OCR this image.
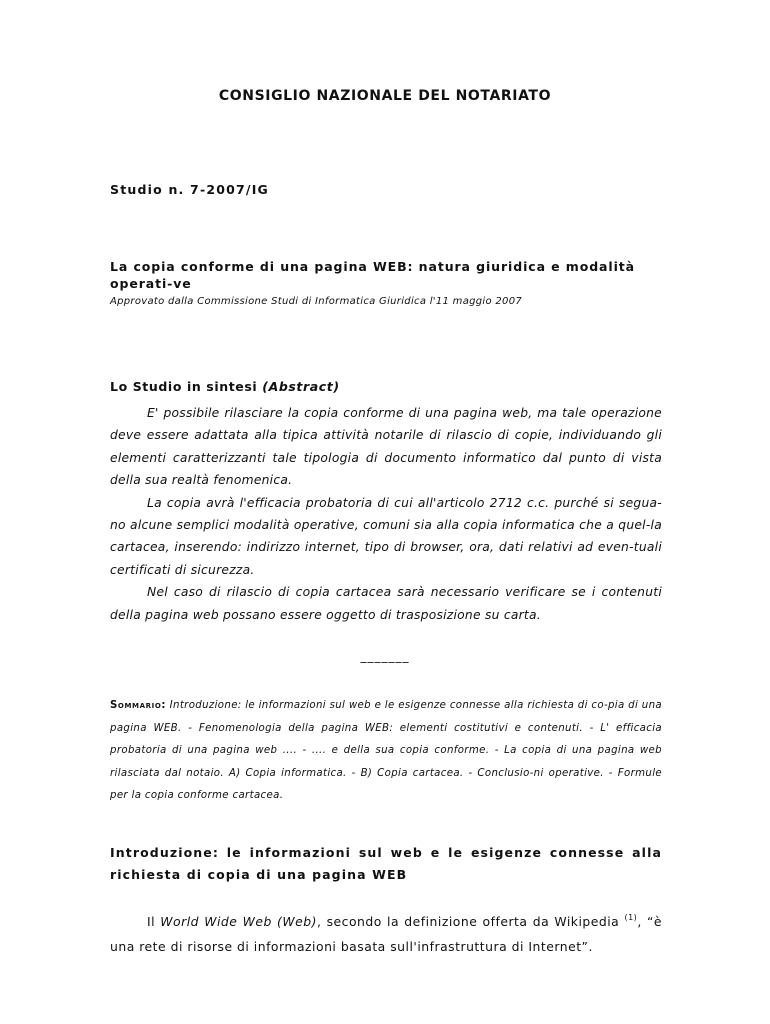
CONSIGLIO NAZIONALE DEL NOTARIATO
Studio n. 7-2007/IG
La copia conforme di una pagina WEB: natura giuridica e modalità operati-ve
Approvato dalla Commissione Studi di Informatica Giuridica l'11 maggio 2007
Lo Studio in sintesi (Abstract)

E' possibile rilasciare la copia conforme di una pagina web, ma tale operazione deve essere adattata alla tipica attività notarile di rilascio di copie, individuando gli elementi caratterizzanti tale tipologia di documento informatico dal punto di vista della sua realtà fenomenica.

La copia avrà l'efficacia probatoria di cui all'articolo 2712 c.c. purché si segua-no alcune semplici modalità operative, comuni sia alla copia informatica che a quel-la cartacea, inserendo: indirizzo internet, tipo di browser, ora, dati relativi ad even-tuali certificati di sicurezza.

Nel caso di rilascio di copia cartacea sarà necessario verificare se i contenuti della pagina web possano essere oggetto di trasposizione su carta.

_______
Sommario: Introduzione: le informazioni sul web e le esigenze connesse alla richiesta di co-pia di una pagina WEB. - Fenomenologia della pagina WEB: elementi costitutivi e contenuti. - L' efficacia probatoria di una pagina web .... - .... e della sua copia conforme. - La copia di una pagina web rilasciata dal notaio. A) Copia informatica. - B) Copia cartacea. - Conclusio-ni operative. - Formule per la copia conforme cartacea.
Introduzione: le informazioni sul web e le esigenze connesse alla richiesta di copia di una pagina WEB
Il World Wide Web (Web), secondo la definizione offerta da Wikipedia $^{(1)}$, “è una rete di risorse di informazioni basata sull'infrastruttura di Internet”.
